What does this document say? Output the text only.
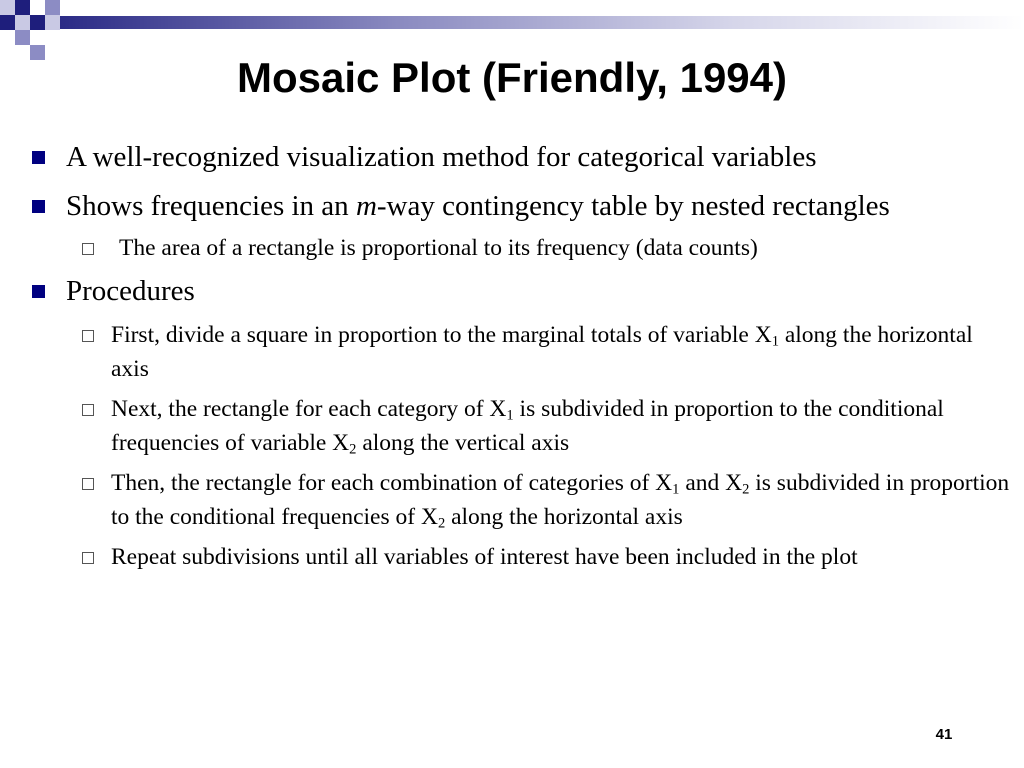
Mosaic Plot (Friendly, 1994)

A well-recognized visualization method for categorical variables

Shows frequencies in an m-way contingency table by nested rectangles

The area of a rectangle is proportional to its frequency (data counts)

Procedures

First, divide a square in proportion to the marginal totals of variable $X_1$ along the horizontal axis

Next, the rectangle for each category of $X_1$ is subdivided in proportion to the conditional frequencies of variable $X_2$ along the vertical axis

Then, the rectangle for each combination of categories of $X_1$ and $X_2$ is subdivided in proportion to the conditional frequencies of $X_2$ along the horizontal axis

Repeat subdivisions until all variables of interest have been included in the plot

41
